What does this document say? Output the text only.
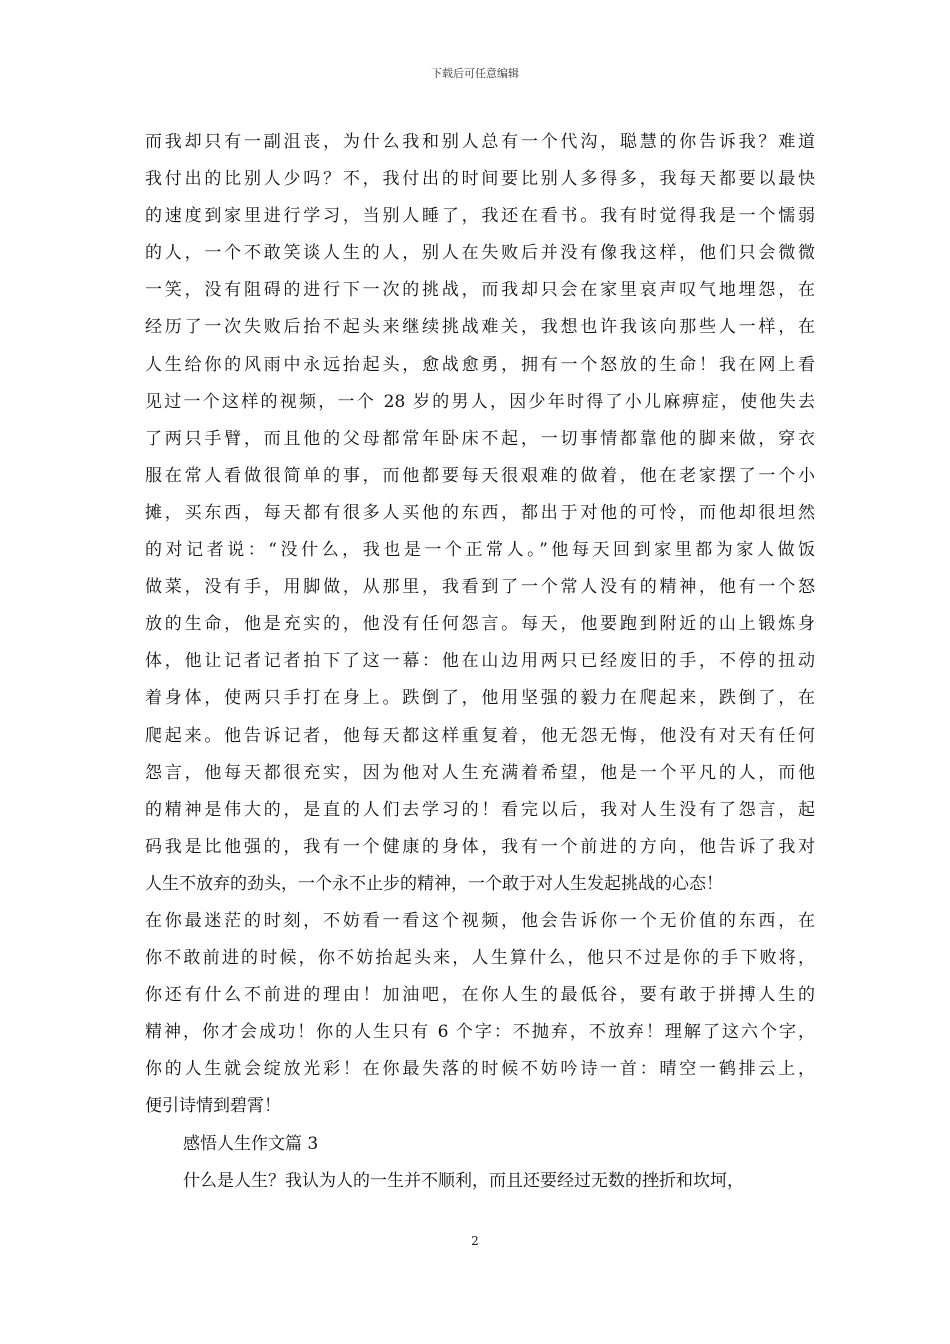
下载后可任意编辑
而我却只有一副沮丧，为什么我和别人总有一个代沟，聪慧的你告诉我？难道
我付出的比别人少吗？不，我付出的时间要比别人多得多，我每天都要以最快
的速度到家里进行学习，当别人睡了，我还在看书。我有时觉得我是一个懦弱
的人，一个不敢笑谈人生的人，别人在失败后并没有像我这样，他们只会微微
一笑，没有阻碍的进行下一次的挑战，而我却只会在家里哀声叹气地埋怨，在
经历了一次失败后抬不起头来继续挑战难关，我想也许我该向那些人一样，在
人生给你的风雨中永远抬起头，愈战愈勇，拥有一个怒放的生命！我在网上看
见过一个这样的视频，一个 28 岁的男人，因少年时得了小儿麻痹症，使他失去
了两只手臂，而且他的父母都常年卧床不起，一切事情都靠他的脚来做，穿衣
服在常人看做很简单的事，而他都要每天很艰难的做着，他在老家摆了一个小
摊，买东西，每天都有很多人买他的东西，都出于对他的可怜，而他却很坦然
的对记者说：“没什么，我也是一个正常人。”他每天回到家里都为家人做饭
做菜，没有手，用脚做，从那里，我看到了一个常人没有的精神，他有一个怒
放的生命，他是充实的，他没有任何怨言。每天，他要跑到附近的山上锻炼身
体，他让记者记者拍下了这一幕：他在山边用两只已经废旧的手，不停的扭动
着身体，使两只手打在身上。跌倒了，他用坚强的毅力在爬起来，跌倒了，在
爬起来。他告诉记者，他每天都这样重复着，他无怨无悔，他没有对天有任何
怨言，他每天都很充实，因为他对人生充满着希望，他是一个平凡的人，而他
的精神是伟大的，是直的人们去学习的！看完以后，我对人生没有了怨言，起
码我是比他强的，我有一个健康的身体，我有一个前进的方向，他告诉了我对
人生不放弃的劲头，一个永不止步的精神，一个敢于对人生发起挑战的心态！
在你最迷茫的时刻，不妨看一看这个视频，他会告诉你一个无价值的东西，在
你不敢前进的时候，你不妨抬起头来，人生算什么，他只不过是你的手下败将，
你还有什么不前进的理由！加油吧，在你人生的最低谷，要有敢于拼搏人生的
精神，你才会成功！你的人生只有 6 个字：不抛弃，不放弃！理解了这六个字，
你的人生就会绽放光彩！在你最失落的时候不妨吟诗一首：晴空一鹤排云上，
便引诗情到碧霄！
感悟人生作文篇 3
什么是人生？我认为人的一生并不顺利，而且还要经过无数的挫折和坎坷，
2
